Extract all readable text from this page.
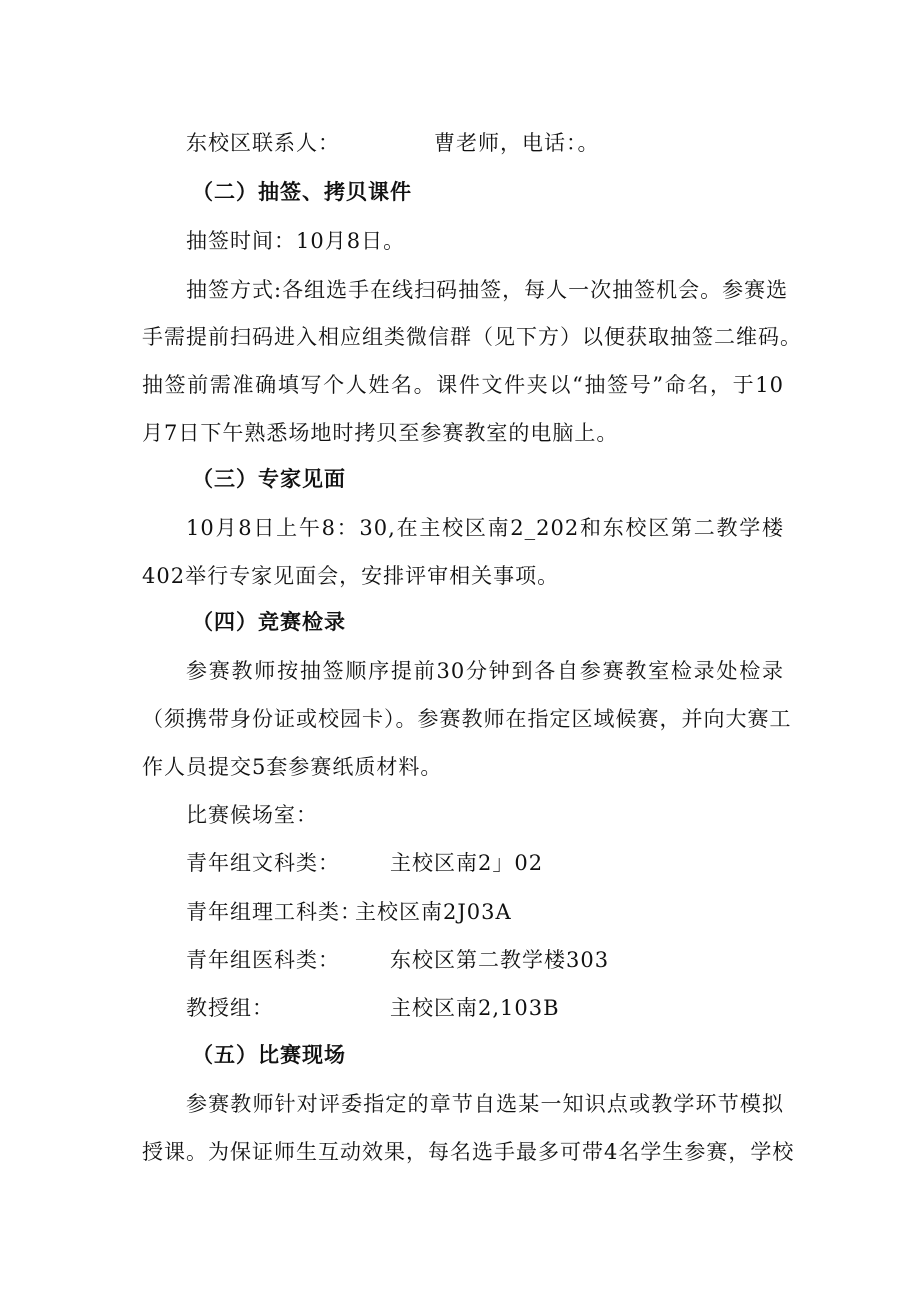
东校区联系人：	曹老师，电话：。
（二）抽签、拷贝课件
抽签时间：10月8日。
抽签方式:各组选手在线扫码抽签，每人一次抽签机会。参赛选
手需提前扫码进入相应组类微信群（见下方）以便获取抽签二维码。
抽签前需准确填写个人姓名。课件文件夹以“抽签号”命名，于10
月7日下午熟悉场地时拷贝至参赛教室的电脑上。
（三）专家见面
10月8日上午8：30,在主校区南2_202和东校区第二教学楼
402举行专家见面会，安排评审相关事项。
（四）竞赛检录
参赛教师按抽签顺序提前30分钟到各自参赛教室检录处检录
（须携带身份证或校园卡）。参赛教师在指定区域候赛，并向大赛工
作人员提交5套参赛纸质材料。
比赛候场室：
青年组文科类： 主校区南2」02
青年组理工科类：
主校区南2J03A
青年组医科类： 东校区第二教学楼303
教授组：	主校区南2,103B
（五）比赛现场
参赛教师针对评委指定的章节自选某一知识点或教学环节模拟
授课。为保证师生互动效果，每名选手最多可带4名学生参赛，学校
